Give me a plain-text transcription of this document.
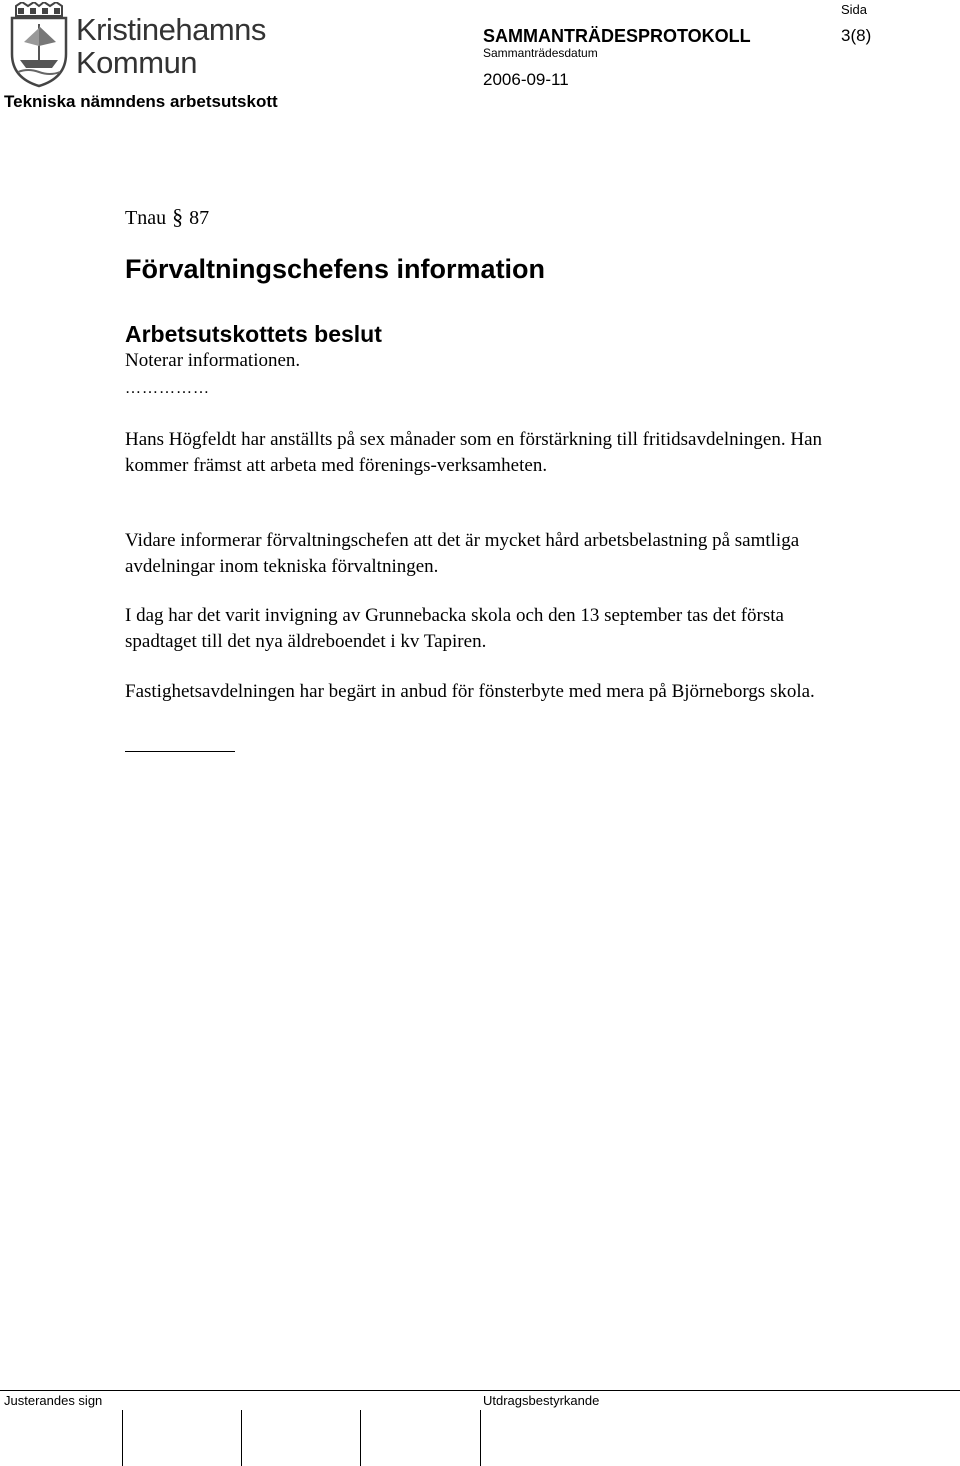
Kristinehamns
Kommun
Tekniska nämndens arbetsutskott
SAMMANTRÄDESPROTOKOLL
Sida
3(8)
Sammanträdesdatum
2006-09-11
Tnau § 87
Förvaltningschefens information
Arbetsutskottets beslut
Noterar informationen.
……………

Hans Högfeldt har anställts på sex månader som en förstärkning till fritidsavdelningen. Han kommer främst att arbeta med förenings-verksamheten.

Vidare informerar förvaltningschefen att det är mycket hård arbetsbelastning på samtliga avdelningar inom tekniska förvaltningen.

I dag har det varit invigning av Grunnebacka skola och den 13 september tas det första spadtaget till det nya äldreboendet i kv Tapiren.

Fastighetsavdelningen har begärt in anbud för fönsterbyte med mera på Björneborgs skola.

Justerandes sign	Utdragsbestyrkande
